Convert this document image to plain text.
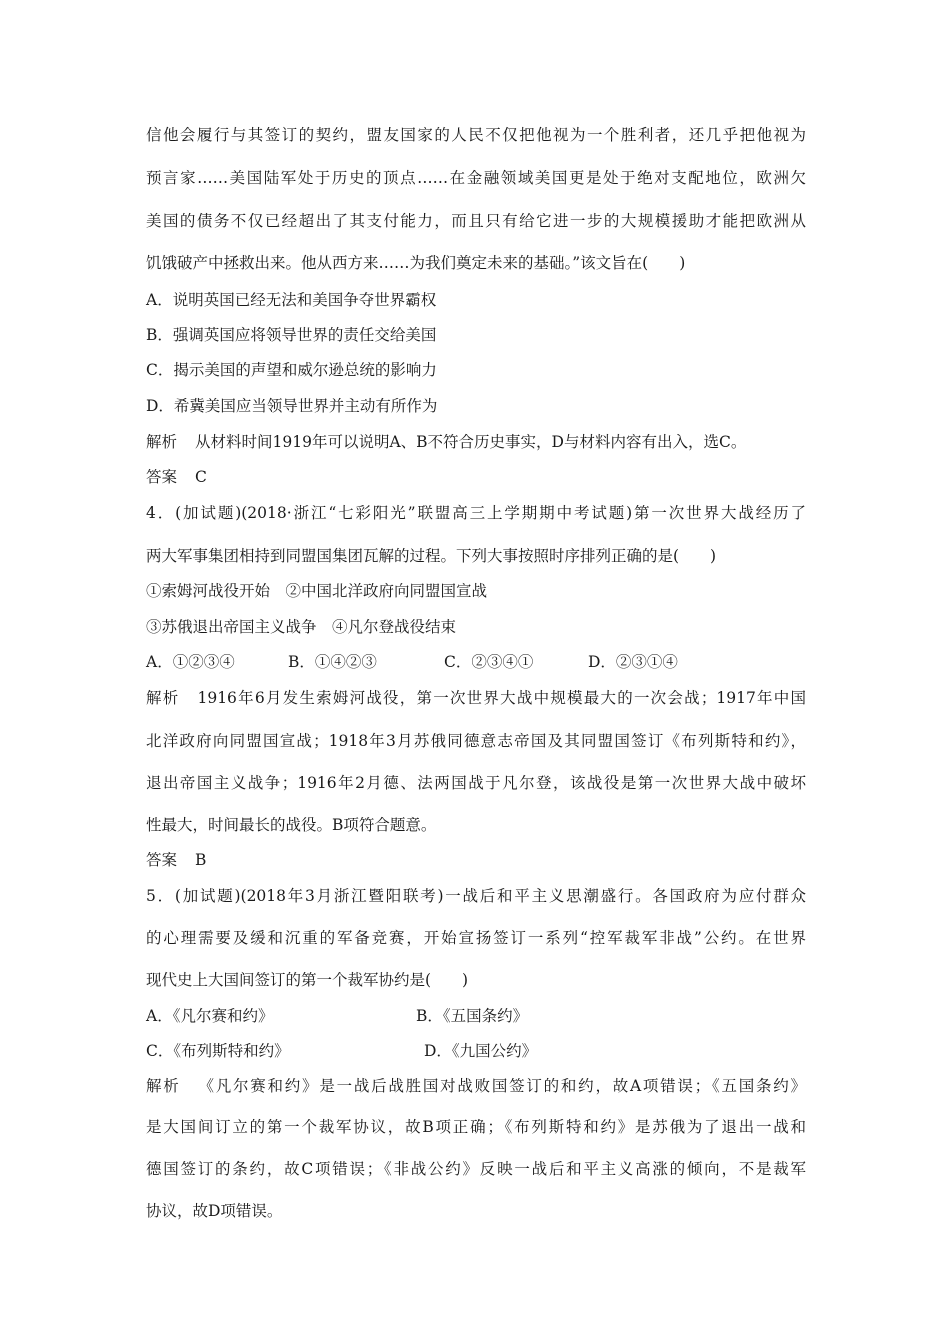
信他会履行与其签订的契约，盟友国家的人民不仅把他视为一个胜利者，还几乎把他视为
预言家……美国陆军处于历史的顶点……在金融领域美国更是处于绝对支配地位，欧洲欠
美国的债务不仅已经超出了其支付能力，而且只有给它进一步的大规模援助才能把欧洲从
饥饿破产中拯救出来。他从西方来……为我们奠定未来的基础。”该文旨在(　　)
A．说明英国已经无法和美国争夺世界霸权
B．强调英国应将领导世界的责任交给美国
C．揭示美国的声望和威尔逊总统的影响力
D．希冀美国应当领导世界并主动有所作为
解析 从材料时间1919年可以说明A、B不符合历史事实，D与材料内容有出入，选C。
答案 C
4．(加试题)(2018·浙江“七彩阳光”联盟高三上学期期中考试题)第一次世界大战经历了
两大军事集团相持到同盟国集团瓦解的过程。下列大事按照时序排列正确的是(　　)
①索姆河战役开始　②中国北洋政府向同盟国宣战
③苏俄退出帝国主义战争　④凡尔登战役结束
A．①②③④	B．①④②③	C．②③④①	D．②③①④
解析 1916年6月发生索姆河战役，第一次世界大战中规模最大的一次会战；1917年中国
北洋政府向同盟国宣战；1918年3月苏俄同德意志帝国及其同盟国签订《布列斯特和约》，
退出帝国主义战争；1916年2月德、法两国战于凡尔登，该战役是第一次世界大战中破坏
性最大，时间最长的战役。B项符合题意。
答案 B
5．(加试题)(2018年3月浙江暨阳联考)一战后和平主义思潮盛行。各国政府为应付群众
的心理需要及缓和沉重的军备竞赛，开始宣扬签订一系列“控军裁军非战”公约。在世界
现代史上大国间签订的第一个裁军协约是(　　)
A．《凡尔赛和约》	B．《五国条约》
C．《布列斯特和约》	D．《九国公约》
解析 《凡尔赛和约》是一战后战胜国对战败国签订的和约，故A项错误；《五国条约》
是大国间订立的第一个裁军协议，故B项正确；《布列斯特和约》是苏俄为了退出一战和
德国签订的条约，故C项错误；《非战公约》反映一战后和平主义高涨的倾向，不是裁军
协议，故D项错误。
